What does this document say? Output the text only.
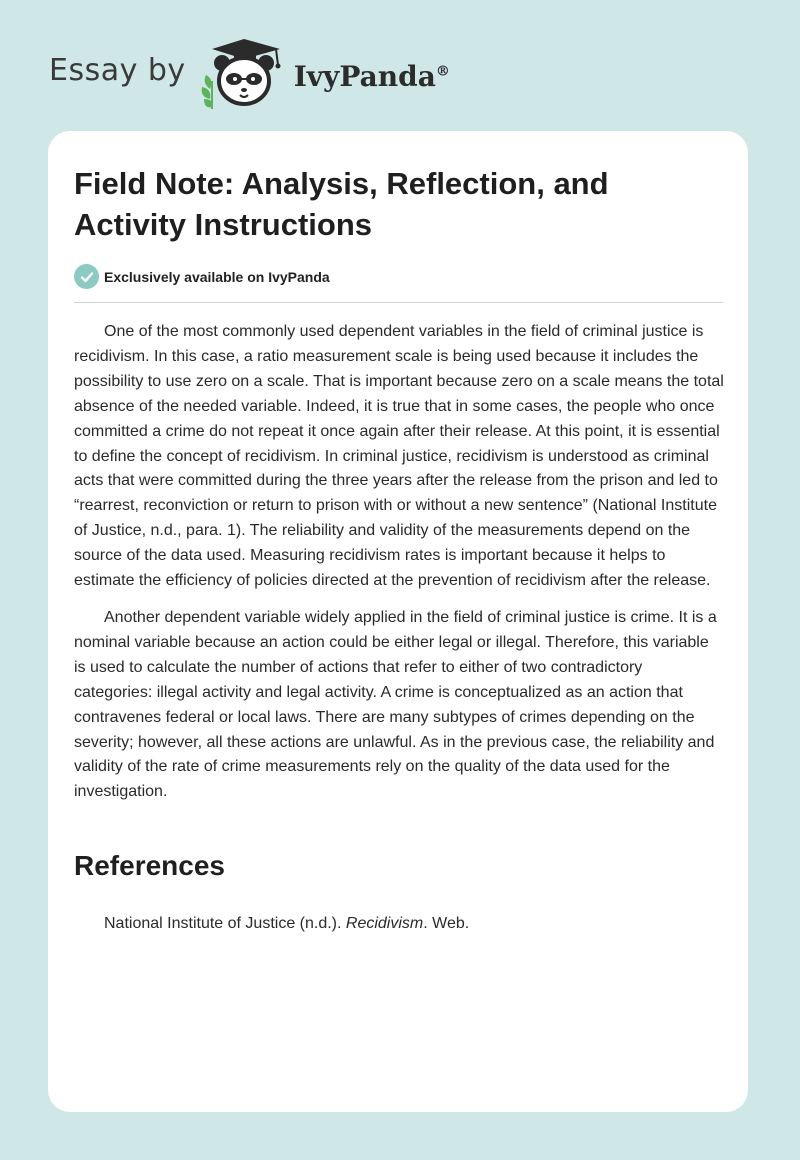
Essay by	IvyPanda®
Field Note: Analysis, Reflection, and Activity Instructions
Exclusively available on IvyPanda

One of the most commonly used dependent variables in the field of criminal justice is recidivism. In this case, a ratio measurement scale is being used because it includes the possibility to use zero on a scale. That is important because zero on a scale means the total absence of the needed variable. Indeed, it is true that in some cases, the people who once committed a crime do not repeat it once again after their release. At this point, it is essential to define the concept of recidivism. In criminal justice, recidivism is understood as criminal acts that were committed during the three years after the release from the prison and led to “rearrest, reconviction or return to prison with or without a new sentence” (National Institute of Justice, n.d., para. 1). The reliability and validity of the measurements depend on the source of the data used. Measuring recidivism rates is important because it helps to estimate the efficiency of policies directed at the prevention of recidivism after the release.

Another dependent variable widely applied in the field of criminal justice is crime. It is a nominal variable because an action could be either legal or illegal. Therefore, this variable is used to calculate the number of actions that refer to either of two contradictory categories: illegal activity and legal activity. A crime is conceptualized as an action that contravenes federal or local laws. There are many subtypes of crimes depending on the severity; however, all these actions are unlawful. As in the previous case, the reliability and validity of the rate of crime measurements rely on the quality of the data used for the investigation.

References

National Institute of Justice (n.d.). Recidivism. Web.
